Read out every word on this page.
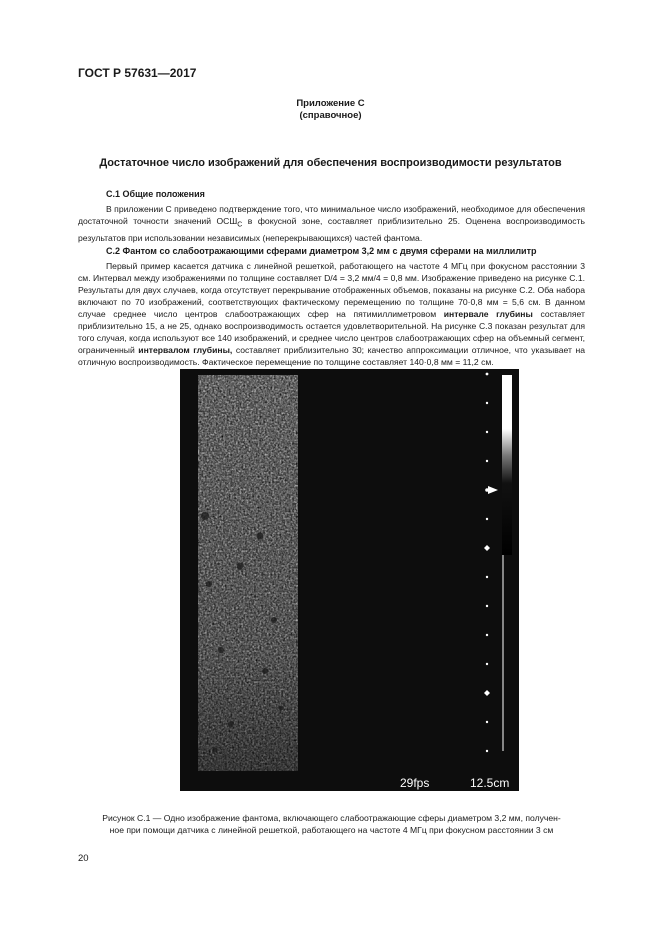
ГОСТ Р 57631—2017
Приложение С
(справочное)
Достаточное число изображений для обеспечения воспроизводимости результатов
С.1 Общие положения

В приложении С приведено подтверждение того, что минимальное число изображений, необходимое для обеспечения достаточной точности значений $ОСШ_С$ в фокусной зоне, составляет приблизительно 25. Оценена воспроизводимость результатов при использовании независимых (неперекрывающихся) частей фантома.

С.2 Фантом со слабоотражающими сферами диаметром 3,2 мм с двумя сферами на миллилитр

Первый пример касается датчика с линейной решеткой, работающего на частоте 4 МГц при фокусном расстоянии 3 см. Интервал между изображениями по толщине составляет D/4 = 3,2 мм/4 = 0,8 мм. Изображение приведено на рисунке С.1. Результаты для двух случаев, когда отсутствует перекрывание отображенных объемов, показаны на рисунке С.2. Оба набора включают по 70 изображений, соответствующих фактическому перемещению по толщине 70·0,8 мм = 5,6 см. В данном случае среднее число центров слабоотражающих сфер на пятимиллиметровом интервале глубины составляет приблизительно 15, а не 25, однако воспроизводимость остается удовлетворительной. На рисунке С.3 показан результат для того случая, когда используют все 140 изображений, и среднее число центров слабоотражающих сфер на объемный сегмент, ограниченный интервалом глубины, составляет приблизительно 30; качество аппроксимации отличное, что указывает на отличную воспроизводимость. Фактическое перемещение по толщине составляет 140·0,8 мм = 11,2 см.

29fps	12.5cm
Рисунок С.1 — Одно изображение фантома, включающего слабоотражающие сферы диаметром 3,2 мм, получен-
ное при помощи датчика с линейной решеткой, работающего на частоте 4 МГц при фокусном расстоянии 3 см
20
